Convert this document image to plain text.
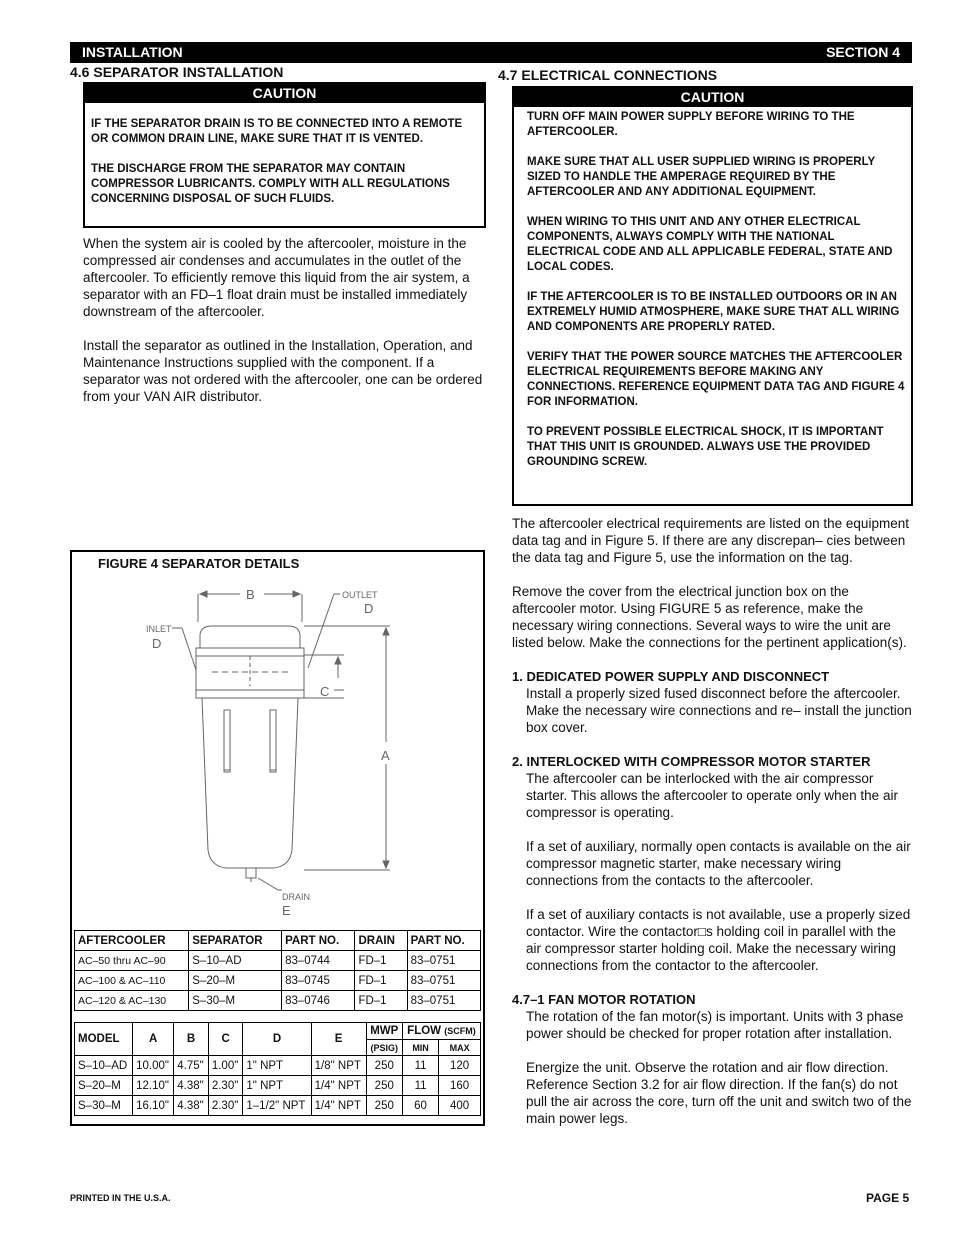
INSTALLATION	SECTION 4
4.6 SEPARATOR INSTALLATION
CAUTION

IF THE SEPARATOR DRAIN IS TO BE CONNECTED INTO A REMOTE OR COMMON DRAIN LINE, MAKE SURE THAT IT IS VENTED.

THE DISCHARGE FROM THE SEPARATOR MAY CONTAIN COMPRESSOR LUBRICANTS. COMPLY WITH ALL REGULATIONS CONCERNING DISPOSAL OF SUCH FLUIDS.

When the system air is cooled by the aftercooler, moisture in the compressed air condenses and accumulates in the outlet of the aftercooler. To efficiently remove this liquid from the air system, a separator with an FD–1 float drain must be installed immediately downstream of the aftercooler.

Install the separator as outlined in the Installation, Operation, and Maintenance Instructions supplied with the component. If a separator was not ordered with the aftercooler, one can be ordered from your VAN AIR distributor.

FIGURE 4 SEPARATOR DETAILS
B	OUTLET
D
INLET
D
C
A
DRAIN
E
AFTERCOOLER	SEPARATOR	PART NO.	DRAIN	PART NO.
AC–50 thru AC–90	S–10–AD	83–0744	FD–1	83–0751
AC–100 & AC–110	S–20–M	83–0745	FD–1	83–0751
AC–120 & AC–130	S–30–M	83–0746	FD–1	83–0751
MODEL	A	B	C	D	E	MWP	FLOW (SCFM)	
						(PSIG)	MIN	MAX
S–10–AD	10.00"	4.75"	1.00"	1" NPT	1/8" NPT	250	11	120
S–20–M	12.10"	4.38"	2.30"	1" NPT	1/4" NPT	250	11	160
S–30–M	16.10"	4.38"	2.30"	1–1/2" NPT	1/4" NPT	250	60	400
4.7 ELECTRICAL CONNECTIONS
CAUTION

TURN OFF MAIN POWER SUPPLY BEFORE WIRING TO THE AFTERCOOLER.

MAKE SURE THAT ALL USER SUPPLIED WIRING IS PROPERLY SIZED TO HANDLE THE AMPERAGE REQUIRED BY THE AFTERCOOLER AND ANY ADDITIONAL EQUIPMENT.

WHEN WIRING TO THIS UNIT AND ANY OTHER ELECTRICAL COMPONENTS, ALWAYS COMPLY WITH THE NATIONAL ELECTRICAL CODE AND ALL APPLICABLE FEDERAL, STATE AND LOCAL CODES.

IF THE AFTERCOOLER IS TO BE INSTALLED OUTDOORS OR IN AN EXTREMELY HUMID ATMOSPHERE, MAKE SURE THAT ALL WIRING AND COMPONENTS ARE PROPERLY RATED.

VERIFY THAT THE POWER SOURCE MATCHES THE AFTERCOOLER ELECTRICAL REQUIREMENTS BEFORE MAKING ANY CONNECTIONS. REFERENCE EQUIPMENT DATA TAG AND FIGURE 4 FOR INFORMATION.

TO PREVENT POSSIBLE ELECTRICAL SHOCK, IT IS IMPORTANT THAT THIS UNIT IS GROUNDED. ALWAYS USE THE PROVIDED GROUNDING SCREW.

The aftercooler electrical requirements are listed on the equipment data tag and in Figure 5. If there are any discrepan– cies between the data tag and Figure 5, use the information on the tag.

Remove the cover from the electrical junction box on the aftercooler motor. Using FIGURE 5 as reference, make the necessary wiring connections. Several ways to wire the unit are listed below. Make the connections for the pertinent application(s).

1. DEDICATED POWER SUPPLY AND DISCONNECT

Install a properly sized fused disconnect before the aftercooler. Make the necessary wire connections and re– install the junction box cover.

2. INTERLOCKED WITH COMPRESSOR MOTOR STARTER

The aftercooler can be interlocked with the air compressor starter. This allows the aftercooler to operate only when the air compressor is operating.

If a set of auxiliary, normally open contacts is available on the air compressor magnetic starter, make necessary wiring connections from the contacts to the aftercooler.

If a set of auxiliary contacts is not available, use a properly sized contactor. Wire the contactor□s holding coil in parallel with the air compressor starter holding coil. Make the necessary wiring connections from the contactor to the aftercooler.

4.7–1 FAN MOTOR ROTATION

The rotation of the fan motor(s) is important. Units with 3 phase power should be checked for proper rotation after installation.

Energize the unit. Observe the rotation and air flow direction. Reference Section 3.2 for air flow direction. If the fan(s) do not pull the air across the core, turn off the unit and switch two of the main power legs.

PRINTED IN THE U.S.A.	PAGE 5
